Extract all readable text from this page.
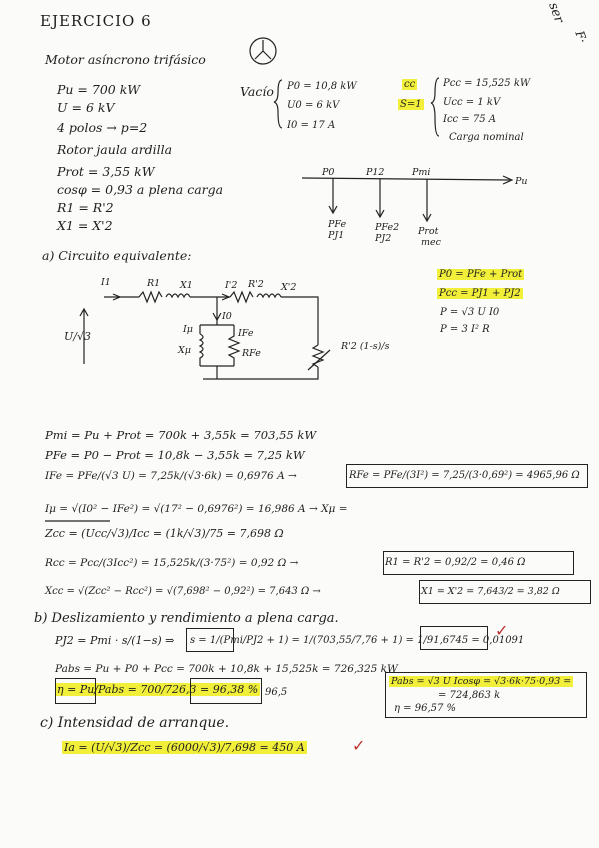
ser
F·
EJERCICIO 6
Motor asíncrono trifásico
Pu = 700 kW
U = 6 kV
4 polos → p=2
Rotor jaula ardilla
Prot = 3,55 kW
cosφ = 0,93 a plena carga
R1 = R'2
X1 = X'2
Vacío P0 = 10,8 kW
U0 = 6 kV
I0 = 17 A
cc
S=1
Pcc = 15,525 kW
Ucc = 1 kV
Icc = 75 A
Carga nominal
P0	P12	Pmi
Pu
PFe
PJ1
PFe2
PJ2
Prot
mec
a) Circuito equivalente:
I1	R1 X1	I'2 R'2 X'2
Iμ
I0
IFe
Xμ	RFe
R'2 (1-s)/s
U/√3
P0 = PFe + Prot
Pcc = PJ1 + PJ2
P = √3 U I0
P = 3 I² R
Pmi = Pu + Prot = 700k + 3,55k = 703,55 kW
PFe = P0 − Prot = 10,8k − 3,55k = 7,25 kW
IFe = PFe/(√3 U) = 7,25k/(√3·6k) = 0,6976 A →	RFe = PFe/(3I²) = 7,25/(3·0,69²) = 4965,96 Ω
Iμ = √(I0² − IFe²) = √(17² − 0,6976²) = 16,986 A → Xμ =
Zcc = (Ucc/√3)/Icc = (1k/√3)/75 = 7,698 Ω
Rcc = Pcc/(3Icc²) = 15,525k/(3·75²) = 0,92 Ω →	R1 = R'2 = 0,92/2 = 0,46 Ω
Xcc = √(Zcc² − Rcc²) = √(7,698² − 0,92²) = 7,643 Ω →	X1 = X'2 = 7,643/2 = 3,82 Ω
b) Deslizamiento y rendimiento a plena carga.
PJ2 = Pmi · s/(1−s) ⇒ s = 1/(Pmi/PJ2 + 1) = 1/(703,55/7,76 + 1) = 1/91,6745 = 0,01091
✓
Pabs = Pu + P0 + Pcc = 700k + 10,8k + 15,525k = 726,325 kW
η = Pu/Pabs = 700/726,3 = 96,38 % 96,5
Pabs = √3 U Icosφ = √3·6k·75·0,93 =
= 724,863 k
η = 96,57 %
c) Intensidad de arranque.
Ia = (U/√3)/Zcc = (6000/√3)/7,698 = 450 A	✓
